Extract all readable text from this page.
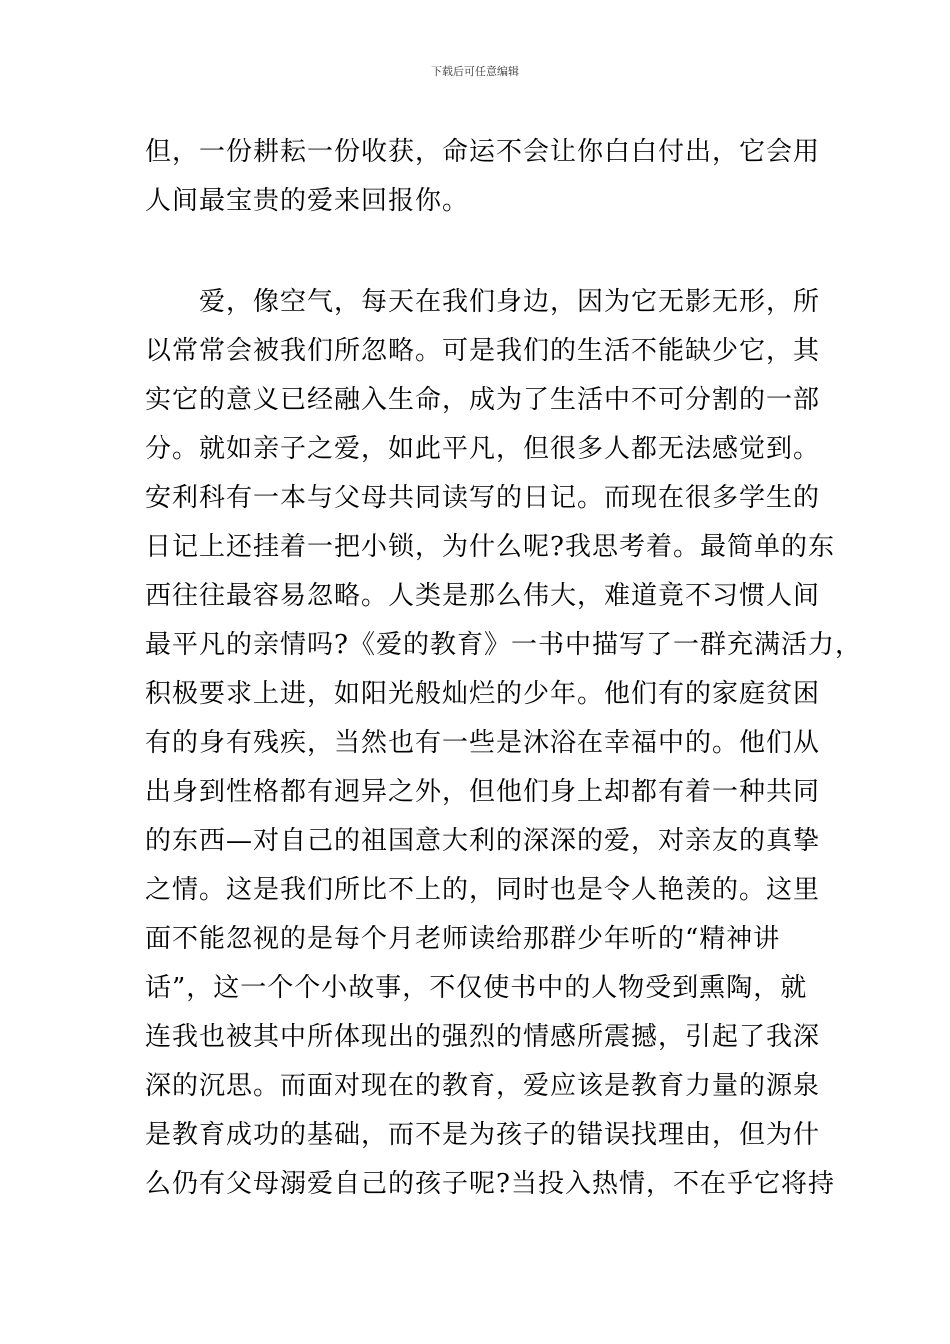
下载后可任意编辑
但，一份耕耘一份收获，命运不会让你白白付出，它会用
人间最宝贵的爱来回报你。
　　爱，像空气，每天在我们身边，因为它无影无形，所
以常常会被我们所忽略。可是我们的生活不能缺少它，其
实它的意义已经融入生命，成为了生活中不可分割的一部
分。就如亲子之爱，如此平凡，但很多人都无法感觉到。
安利科有一本与父母共同读写的日记。而现在很多学生的
日记上还挂着一把小锁，为什么呢?我思考着。最简单的东
西往往最容易忽略。人类是那么伟大，难道竟不习惯人间
最平凡的亲情吗?《爱的教育》一书中描写了一群充满活力，
积极要求上进，如阳光般灿烂的少年。他们有的家庭贫困
有的身有残疾，当然也有一些是沐浴在幸福中的。他们从
出身到性格都有迥异之外，但他们身上却都有着一种共同
的东西—对自己的祖国意大利的深深的爱，对亲友的真挚
之情。这是我们所比不上的，同时也是令人艳羡的。这里
面不能忽视的是每个月老师读给那群少年听的“精神讲
话”，这一个个小故事，不仅使书中的人物受到熏陶，就
连我也被其中所体现出的强烈的情感所震撼，引起了我深
深的沉思。而面对现在的教育，爱应该是教育力量的源泉
是教育成功的基础，而不是为孩子的错误找理由，但为什
么仍有父母溺爱自己的孩子呢?当投入热情，不在乎它将持
